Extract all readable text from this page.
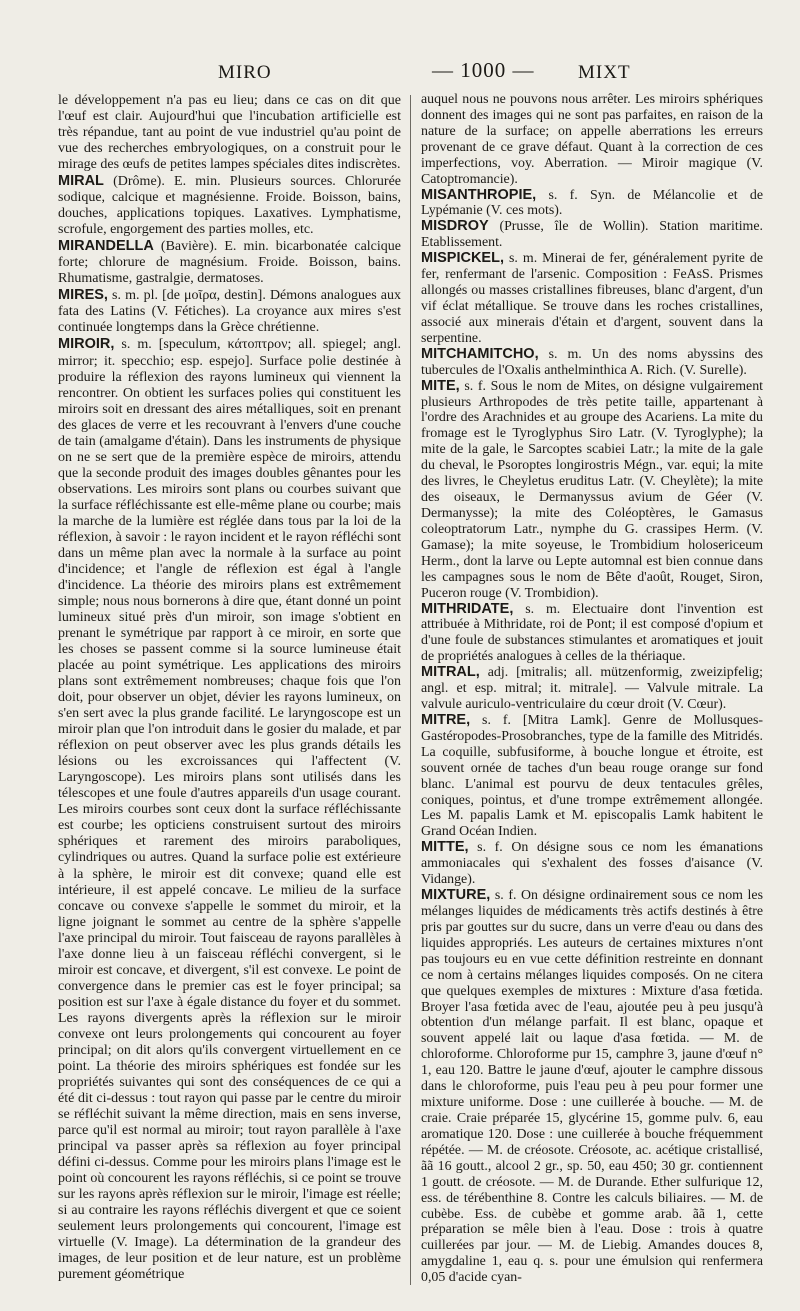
MIRO	— 1000 — MIXT

le développement n'a pas eu lieu; dans ce cas on dit que l'œuf est clair. Aujourd'hui que l'incubation artificielle est très répandue, tant au point de vue industriel qu'au point de vue des recherches embryologiques, on a construit pour le mirage des œufs de petites lampes spéciales dites indiscrètes.

MIRAL (Drôme). E. min. Plusieurs sources. Chlorurée sodique, calcique et magnésienne. Froide. Boisson, bains, douches, applications topiques. Laxatives. Lymphatisme, scrofule, engorgement des parties molles, etc.

MIRANDELLA (Bavière). E. min. bicarbonatée calcique forte; chlorure de magnésium. Froide. Boisson, bains. Rhumatisme, gastralgie, dermatoses.

MIRES, s. m. pl. [de μοῖρα, destin]. Démons analogues aux fata des Latins (V. Fétiches). La croyance aux mires s'est continuée longtemps dans la Grèce chrétienne.

MIROIR, s. m. [speculum, κάτοπτρον; all. spiegel; angl. mirror; it. specchio; esp. espejo]. Surface polie destinée à produire la réflexion des rayons lumineux qui viennent la rencontrer. On obtient les surfaces polies qui constituent les miroirs soit en dressant des aires métalliques, soit en prenant des glaces de verre et les recouvrant à l'envers d'une couche de tain (amalgame d'étain). Dans les instruments de physique on ne se sert que de la première espèce de miroirs, attendu que la seconde produit des images doubles gênantes pour les observations. Les miroirs sont plans ou courbes suivant que la surface réfléchissante est elle-même plane ou courbe; mais la marche de la lumière est réglée dans tous par la loi de la réflexion, à savoir : le rayon incident et le rayon réfléchi sont dans un même plan avec la normale à la surface au point d'incidence; et l'angle de réflexion est égal à l'angle d'incidence. La théorie des miroirs plans est extrêmement simple; nous nous bornerons à dire que, étant donné un point lumineux situé près d'un miroir, son image s'obtient en prenant le symétrique par rapport à ce miroir, en sorte que les choses se passent comme si la source lumineuse était placée au point symétrique. Les applications des miroirs plans sont extrêmement nombreuses; chaque fois que l'on doit, pour observer un objet, dévier les rayons lumineux, on s'en sert avec la plus grande facilité. Le laryngoscope est un miroir plan que l'on introduit dans le gosier du malade, et par réflexion on peut observer avec les plus grands détails les lésions ou les excroissances qui l'affectent (V. Laryngoscope). Les miroirs plans sont utilisés dans les télescopes et une foule d'autres appareils d'un usage courant. Les miroirs courbes sont ceux dont la surface réfléchissante est courbe; les opticiens construisent surtout des miroirs sphériques et rarement des miroirs paraboliques, cylindriques ou autres. Quand la surface polie est extérieure à la sphère, le miroir est dit convexe; quand elle est intérieure, il est appelé concave. Le milieu de la surface concave ou convexe s'appelle le sommet du miroir, et la ligne joignant le sommet au centre de la sphère s'appelle l'axe principal du miroir. Tout faisceau de rayons parallèles à l'axe donne lieu à un faisceau réfléchi convergent, si le miroir est concave, et divergent, s'il est convexe. Le point de convergence dans le premier cas est le foyer principal; sa position est sur l'axe à égale distance du foyer et du sommet. Les rayons divergents après la réflexion sur le miroir convexe ont leurs prolongements qui concourent au foyer principal; on dit alors qu'ils convergent virtuellement en ce point. La théorie des miroirs sphériques est fondée sur les propriétés suivantes qui sont des conséquences de ce qui a été dit ci-dessus : tout rayon qui passe par le centre du miroir se réfléchit suivant la même direction, mais en sens inverse, parce qu'il est normal au miroir; tout rayon parallèle à l'axe principal va passer après sa réflexion au foyer principal défini ci-dessus. Comme pour les miroirs plans l'image est le point où concourent les rayons réfléchis, si ce point se trouve sur les rayons après réflexion sur le miroir, l'image est réelle; si au contraire les rayons réfléchis divergent et que ce soient seulement leurs prolongements qui concourent, l'image est virtuelle (V. Image). La détermination de la grandeur des images, de leur position et de leur nature, est un problème purement géométrique

auquel nous ne pouvons nous arrêter. Les miroirs sphériques donnent des images qui ne sont pas parfaites, en raison de la nature de la surface; on appelle aberrations les erreurs provenant de ce grave défaut. Quant à la correction de ces imperfections, voy. Aberration. — Miroir magique (V. Catoptromancie).

MISANTHROPIE, s. f. Syn. de Mélancolie et de Lypémanie (V. ces mots).

MISDROY (Prusse, île de Wollin). Station maritime. Etablissement.

MISPICKEL, s. m. Minerai de fer, généralement pyrite de fer, renfermant de l'arsenic. Composition : FeAsS. Prismes allongés ou masses cristallines fibreuses, blanc d'argent, d'un vif éclat métallique. Se trouve dans les roches cristallines, associé aux minerais d'étain et d'argent, souvent dans la serpentine.

MITCHAMITCHO, s. m. Un des noms abyssins des tubercules de l'Oxalis anthelminthica A. Rich. (V. Surelle).

MITE, s. f. Sous le nom de Mites, on désigne vulgairement plusieurs Arthropodes de très petite taille, appartenant à l'ordre des Arachnides et au groupe des Acariens. La mite du fromage est le Tyroglyphus Siro Latr. (V. Tyroglyphe); la mite de la gale, le Sarcoptes scabiei Latr.; la mite de la gale du cheval, le Psoroptes longirostris Mégn., var. equi; la mite des livres, le Cheyletus eruditus Latr. (V. Cheylète); la mite des oiseaux, le Dermanyssus avium de Géer (V. Dermanysse); la mite des Coléoptères, le Gamasus coleoptratorum Latr., nymphe du G. crassipes Herm. (V. Gamase); la mite soyeuse, le Trombidium holosericeum Herm., dont la larve ou Lepte automnal est bien connue dans les campagnes sous le nom de Bête d'août, Rouget, Siron, Puceron rouge (V. Trombidion).

MITHRIDATE, s. m. Electuaire dont l'invention est attribuée à Mithridate, roi de Pont; il est composé d'opium et d'une foule de substances stimulantes et aromatiques et jouit de propriétés analogues à celles de la thériaque.

MITRAL, adj. [mitralis; all. mützenformig, zweizipfelig; angl. et esp. mitral; it. mitrale]. — Valvule mitrale. La valvule auriculo-ventriculaire du cœur droit (V. Cœur).

MITRE, s. f. [Mitra Lamk]. Genre de Mollusques-Gastéropodes-Prosobranches, type de la famille des Mitridés. La coquille, subfusiforme, à bouche longue et étroite, est souvent ornée de taches d'un beau rouge orange sur fond blanc. L'animal est pourvu de deux tentacules grêles, coniques, pointus, et d'une trompe extrêmement allongée. Les M. papalis Lamk et M. episcopalis Lamk habitent le Grand Océan Indien.

MITTE, s. f. On désigne sous ce nom les émanations ammoniacales qui s'exhalent des fosses d'aisance (V. Vidange).

MIXTURE, s. f. On désigne ordinairement sous ce nom les mélanges liquides de médicaments très actifs destinés à être pris par gouttes sur du sucre, dans un verre d'eau ou dans des liquides appropriés. Les auteurs de certaines mixtures n'ont pas toujours eu en vue cette définition restreinte en donnant ce nom à certains mélanges liquides composés. On ne citera que quelques exemples de mixtures : Mixture d'asa fœtida. Broyer l'asa fœtida avec de l'eau, ajoutée peu à peu jusqu'à obtention d'un mélange parfait. Il est blanc, opaque et souvent appelé lait ou laque d'asa fœtida. — M. de chloroforme. Chloroforme pur 15, camphre 3, jaune d'œuf n° 1, eau 120. Battre le jaune d'œuf, ajouter le camphre dissous dans le chloroforme, puis l'eau peu à peu pour former une mixture uniforme. Dose : une cuillerée à bouche. — M. de craie. Craie préparée 15, glycérine 15, gomme pulv. 6, eau aromatique 120. Dose : une cuillerée à bouche fréquemment répétée. — M. de créosote. Créosote, ac. acétique cristallisé, ãã 16 goutt., alcool 2 gr., sp. 50, eau 450; 30 gr. contiennent 1 goutt. de créosote. — M. de Durande. Ether sulfurique 12, ess. de térébenthine 8. Contre les calculs biliaires. — M. de cubèbe. Ess. de cubèbe et gomme arab. ãã 1, cette préparation se mêle bien à l'eau. Dose : trois à quatre cuillerées par jour. — M. de Liebig. Amandes douces 8, amygdaline 1, eau q. s. pour une émulsion qui renfermera 0,05 d'acide cyan-
